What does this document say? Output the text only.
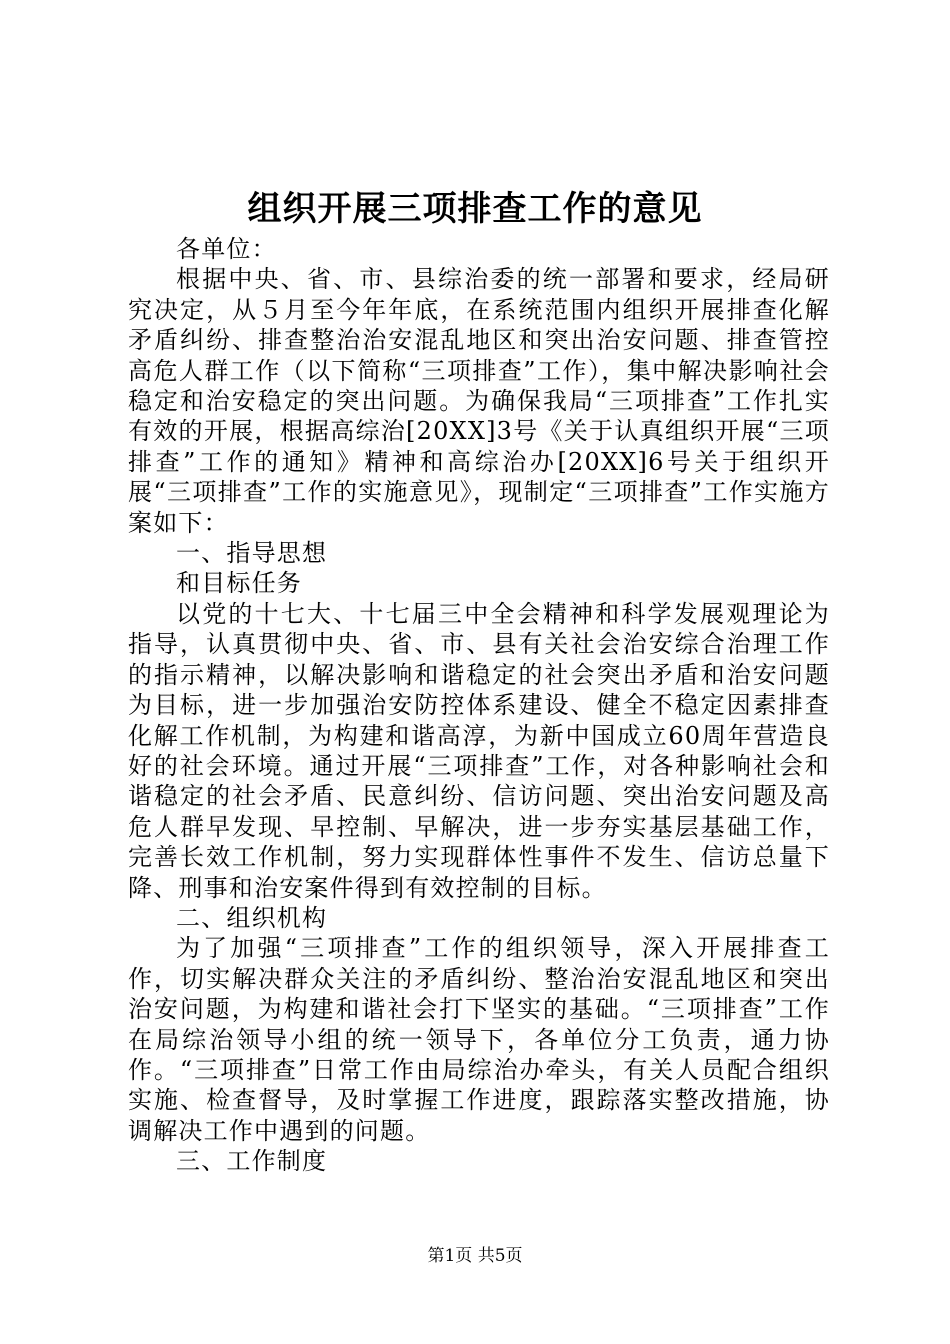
组织开展三项排查工作的意见

各单位：

根据中央、省、市、县综治委的统一部署和要求，经局研究决定，从５月至今年年底，在系统范围内组织开展排查化解矛盾纠纷、排查整治治安混乱地区和突出治安问题、排查管控高危人群工作（以下简称“三项排查”工作），集中解决影响社会稳定和治安稳定的突出问题。为确保我局“三项排查”工作扎实有效的开展，根据高综治[20XX]3号《关于认真组织开展“三项排查”工作的通知》精神和高综治办[20XX]6号关于组织开展“三项排查”工作的实施意见》，现制定“三项排查”工作实施方案如下：

一、指导思想

和目标任务

以党的十七大、十七届三中全会精神和科学发展观理论为指导，认真贯彻中央、省、市、县有关社会治安综合治理工作的指示精神，以解决影响和谐稳定的社会突出矛盾和治安问题为目标，进一步加强治安防控体系建设、健全不稳定因素排查化解工作机制，为构建和谐高淳，为新中国成立60周年营造良好的社会环境。通过开展“三项排查”工作，对各种影响社会和谐稳定的社会矛盾、民意纠纷、信访问题、突出治安问题及高危人群早发现、早控制、早解决，进一步夯实基层基础工作，完善长效工作机制，努力实现群体性事件不发生、信访总量下降、刑事和治安案件得到有效控制的目标。

二、组织机构

为了加强“三项排查”工作的组织领导，深入开展排查工作，切实解决群众关注的矛盾纠纷、整治治安混乱地区和突出治安问题，为构建和谐社会打下坚实的基础。“三项排查”工作在局综治领导小组的统一领导下，各单位分工负责，通力协作。“三项排查”日常工作由局综治办牵头，有关人员配合组织实施、检查督导，及时掌握工作进度，跟踪落实整改措施，协调解决工作中遇到的问题。

三、工作制度

第1页 共5页
